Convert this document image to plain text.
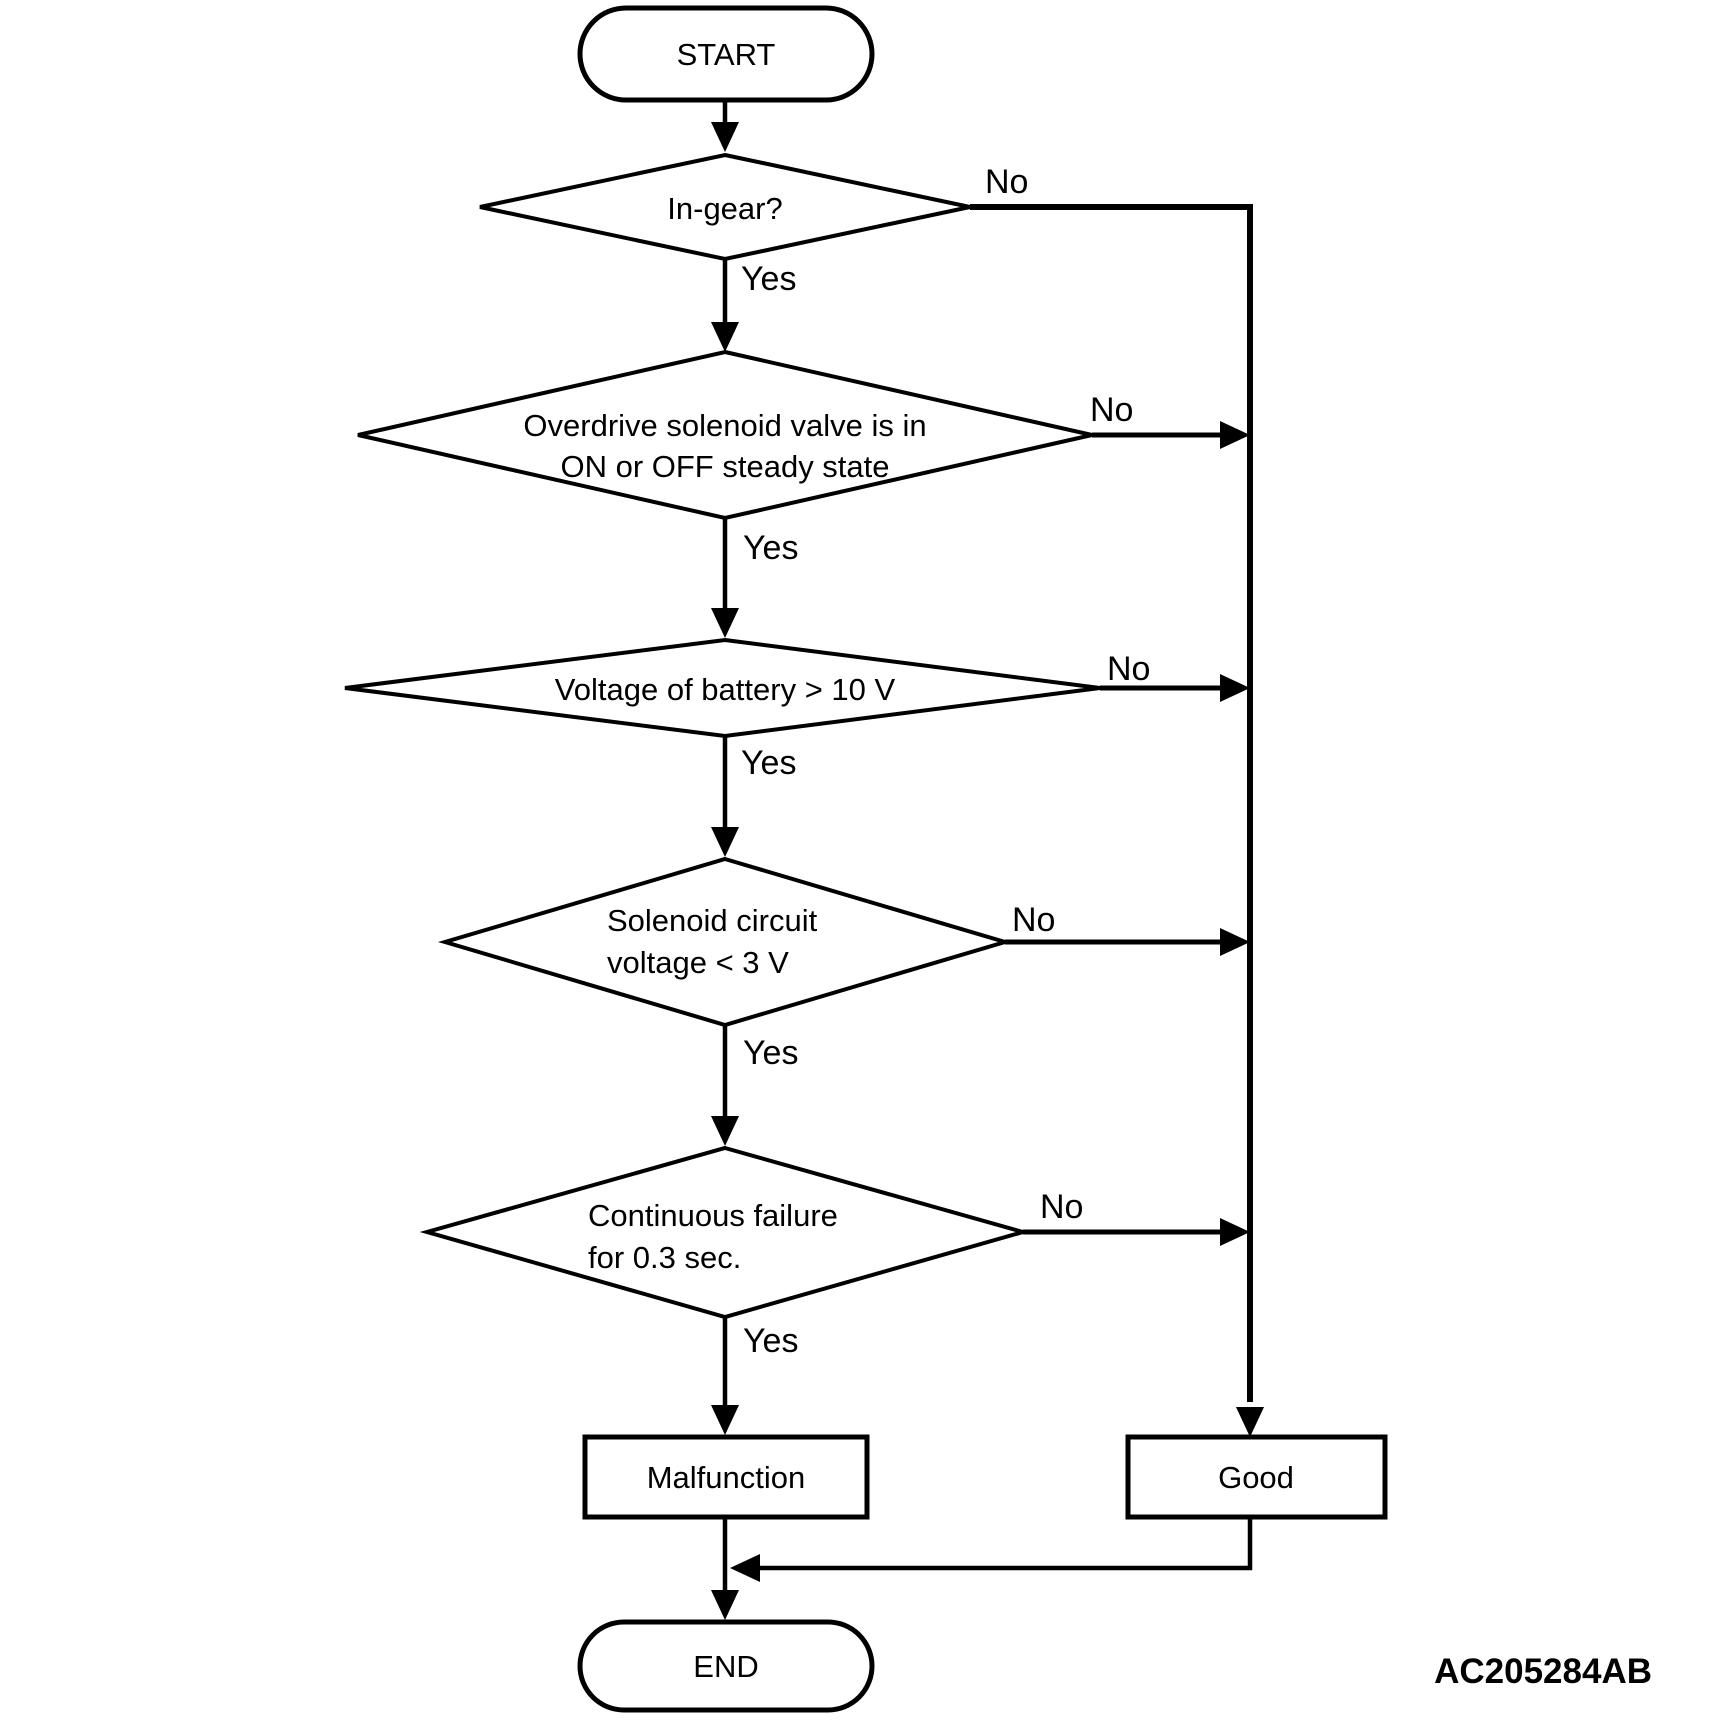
START
In-gear?
No
Yes
Overdrive solenoid valve is in
ON or OFF steady state
No
Yes
Voltage of battery > 10 V
No
Yes
Solenoid circuit
voltage < 3 V
No
Yes
Continuous failure
for 0.3 sec.
No
Yes
Malfunction	Good
END	AC205284AB
